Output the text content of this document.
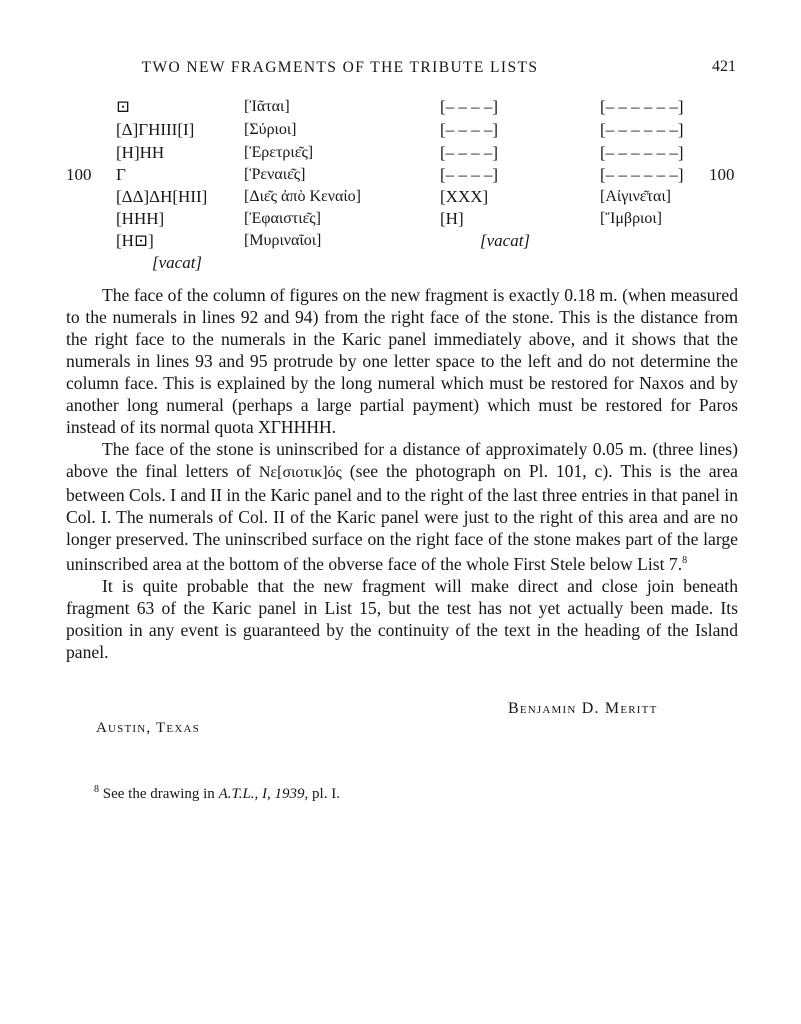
TWO NEW FRAGMENTS OF THE TRIBUTE LISTS	421
100	100
⊡
[Δ]ΓΗΙΙΙ[Ι]
[Η]ΗΗ
Γ
[ΔΔ]ΔΗ[ΗΙΙ]
[ΗΗΗ]
[Η⊡]
[vacat]
[Ἰᾶται]
[Σύριοι]
[Ἐρετριε͂ς]
[Ῥεναιε͂ς]
[Διε͂ς ἀπὸ Κεναίο]
[Ἐφαιστιε͂ς]
[Μυριναῖοι]
[– – – –]
[– – – –]
[– – – –]
[– – – –]
[XXX]
[H]
[vacat]
[– – – – – –]
[– – – – – –]
[– – – – – –]
[– – – – – –]
[Αἰγινε͂ται]
[Ἴμβριοι]

The face of the column of figures on the new fragment is exactly 0.18 m. (when measured to the numerals in lines 92 and 94) from the right face of the stone. This is the distance from the right face to the numerals in the Karic panel immediately above, and it shows that the numerals in lines 93 and 95 protrude by one letter space to the left and do not determine the column face. This is explained by the long numeral which must be restored for Naxos and by another long numeral (perhaps a large partial payment) which must be restored for Paros instead of its normal quota XΓΗΗΗΗ.

The face of the stone is uninscribed for a distance of approximately 0.05 m. (three lines) above the final letters of Νε[σιοτικ]ός (see the photograph on Pl. 101, c). This is the area between Cols. I and II in the Karic panel and to the right of the last three entries in that panel in Col. I. The numerals of Col. II of the Karic panel were just to the right of this area and are no longer preserved. The uninscribed surface on the right face of the stone makes part of the large uninscribed area at the bottom of the obverse face of the whole First Stele below List 7.$^8$

It is quite probable that the new fragment will make direct and close join beneath fragment 63 of the Karic panel in List 15, but the test has not yet actually been made. Its position in any event is guaranteed by the continuity of the text in the heading of the Island panel.

Benjamin D. Meritt
Austin, Texas
$^8$ See the drawing in A.T.L., I, 1939, pl. I.
